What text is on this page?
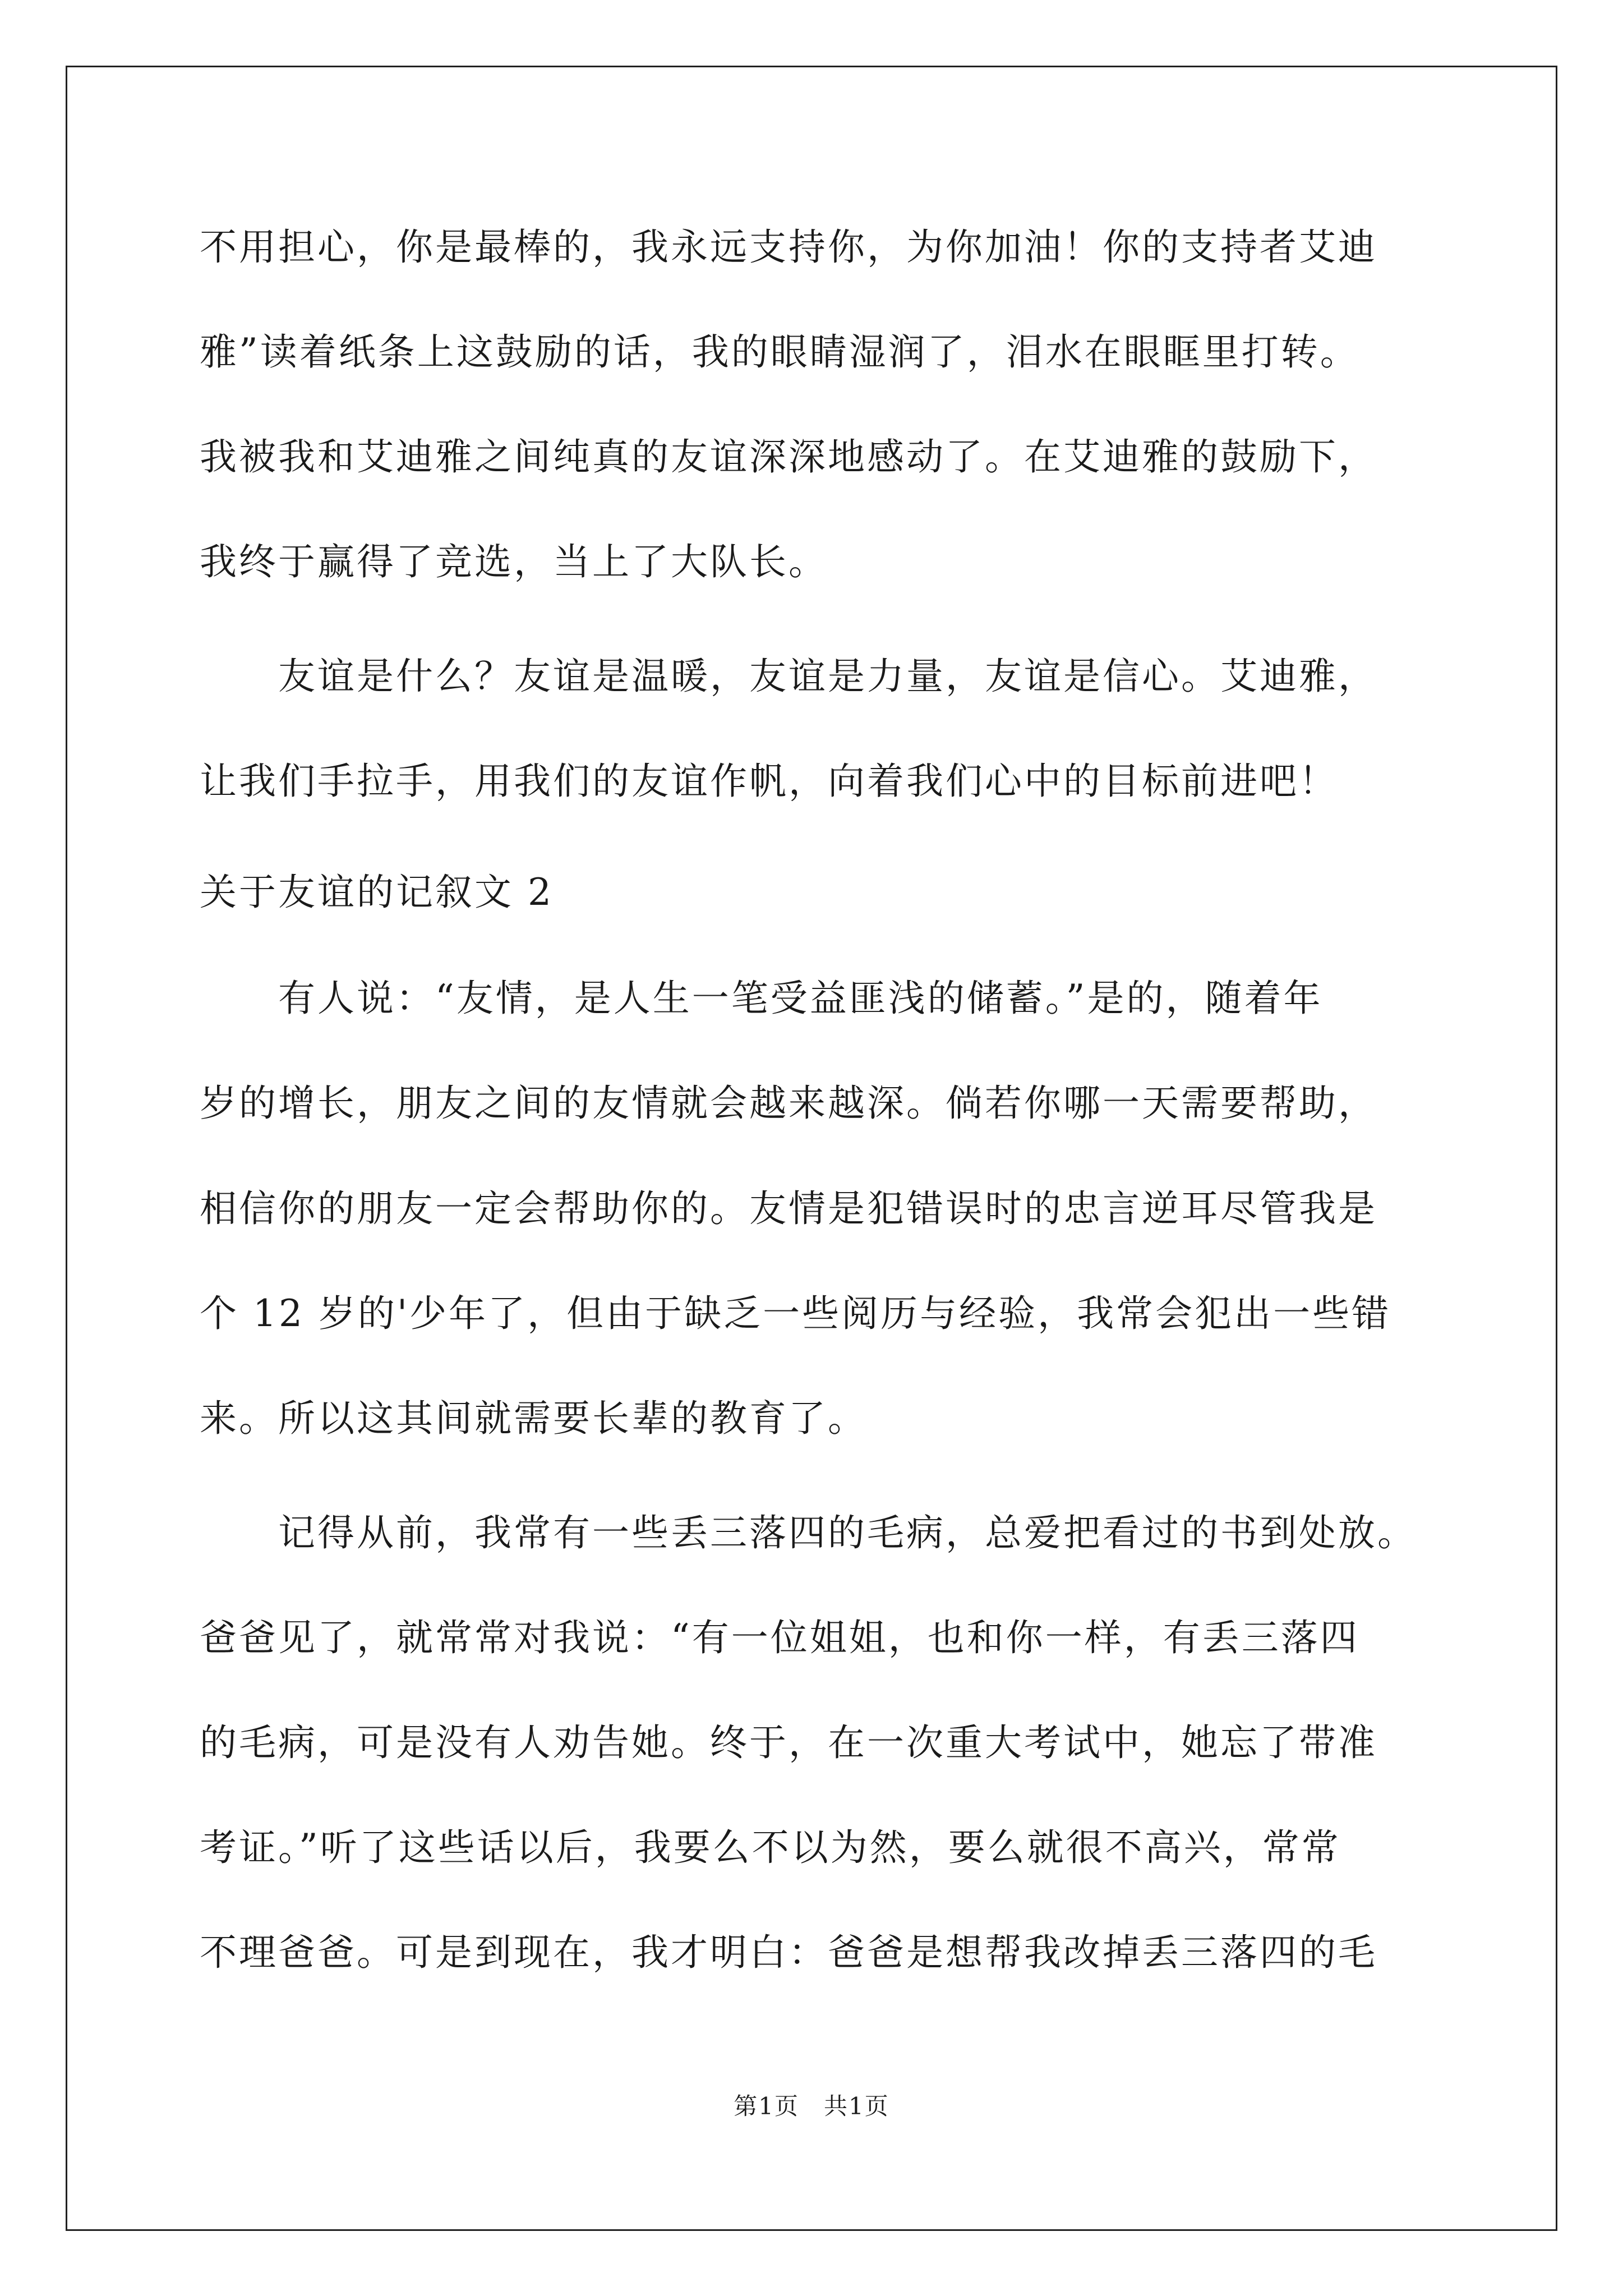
不用担心，你是最棒的，我永远支持你，为你加油！你的支持者艾迪
雅”读着纸条上这鼓励的话，我的眼睛湿润了，泪水在眼眶里打转。
我被我和艾迪雅之间纯真的友谊深深地感动了。在艾迪雅的鼓励下，
我终于赢得了竞选，当上了大队长。
友谊是什么？友谊是温暖，友谊是力量，友谊是信心。艾迪雅，
让我们手拉手，用我们的友谊作帆，向着我们心中的目标前进吧！
关于友谊的记叙文 2
有人说：“友情，是人生一笔受益匪浅的储蓄。”是的，随着年
岁的增长，朋友之间的友情就会越来越深。倘若你哪一天需要帮助，
相信你的朋友一定会帮助你的。友情是犯错误时的忠言逆耳尽管我是
个 12 岁的'少年了，但由于缺乏一些阅历与经验，我常会犯出一些错
来。所以这其间就需要长辈的教育了。
记得从前，我常有一些丢三落四的毛病，总爱把看过的书到处放。
爸爸见了，就常常对我说：“有一位姐姐，也和你一样，有丢三落四
的毛病，可是没有人劝告她。终于，在一次重大考试中，她忘了带准
考证。”听了这些话以后，我要么不以为然，要么就很不高兴，常常
不理爸爸。可是到现在，我才明白：爸爸是想帮我改掉丢三落四的毛
第1页　共1页
